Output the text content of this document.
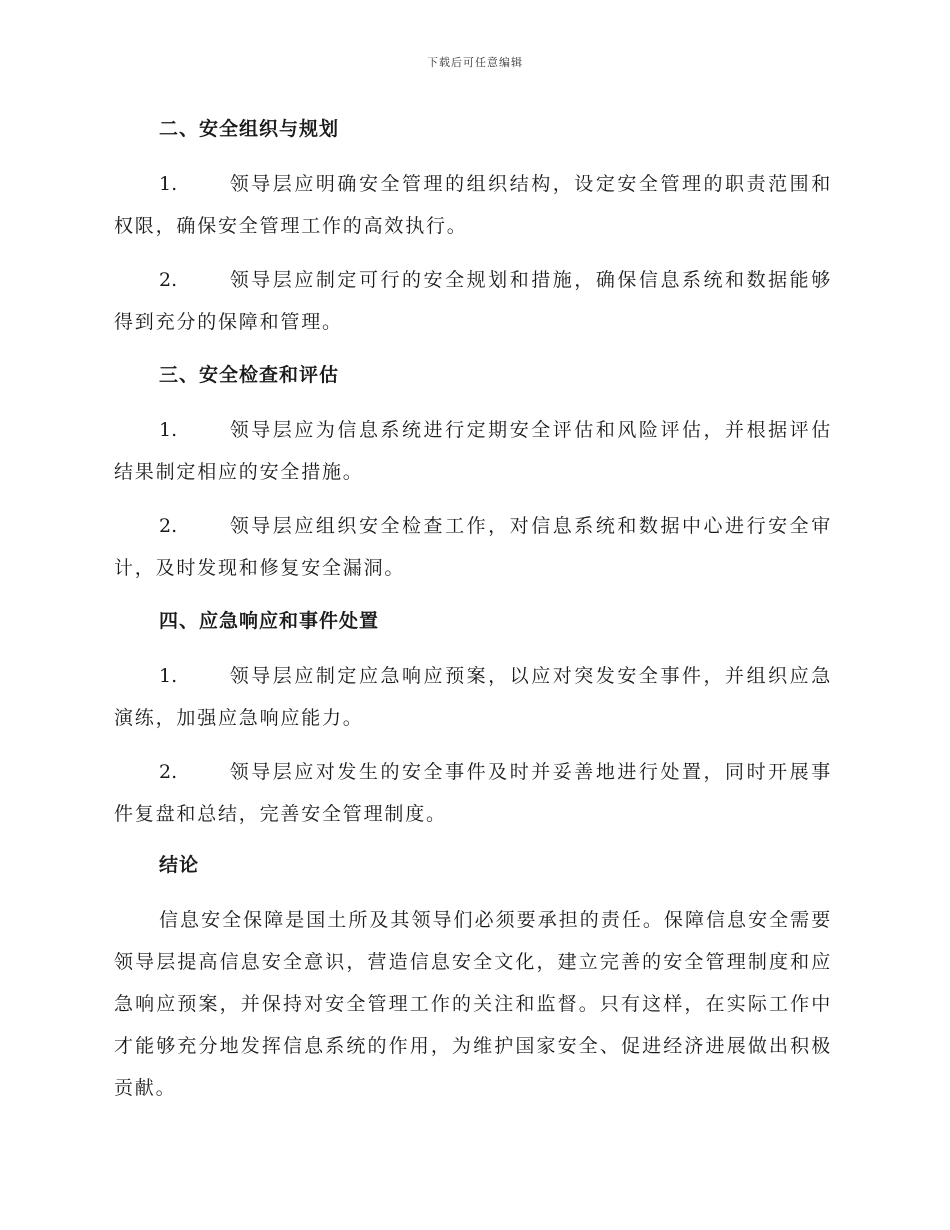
下载后可任意编辑
二、安全组织与规划

1.	领导层应明确安全管理的组织结构，设定安全管理的职责范围和权限，确保安全管理工作的高效执行。

2.	领导层应制定可行的安全规划和措施，确保信息系统和数据能够得到充分的保障和管理。

三、安全检查和评估

1.	领导层应为信息系统进行定期安全评估和风险评估，并根据评估结果制定相应的安全措施。

2.	领导层应组织安全检查工作，对信息系统和数据中心进行安全审计，及时发现和修复安全漏洞。

四、应急响应和事件处置

1.	领导层应制定应急响应预案，以应对突发安全事件，并组织应急演练，加强应急响应能力。

2.	领导层应对发生的安全事件及时并妥善地进行处置，同时开展事件复盘和总结，完善安全管理制度。

结论

信息安全保障是国土所及其领导们必须要承担的责任。保障信息安全需要领导层提高信息安全意识，营造信息安全文化，建立完善的安全管理制度和应急响应预案，并保持对安全管理工作的关注和监督。只有这样，在实际工作中才能够充分地发挥信息系统的作用，为维护国家安全、促进经济进展做出积极贡献。
